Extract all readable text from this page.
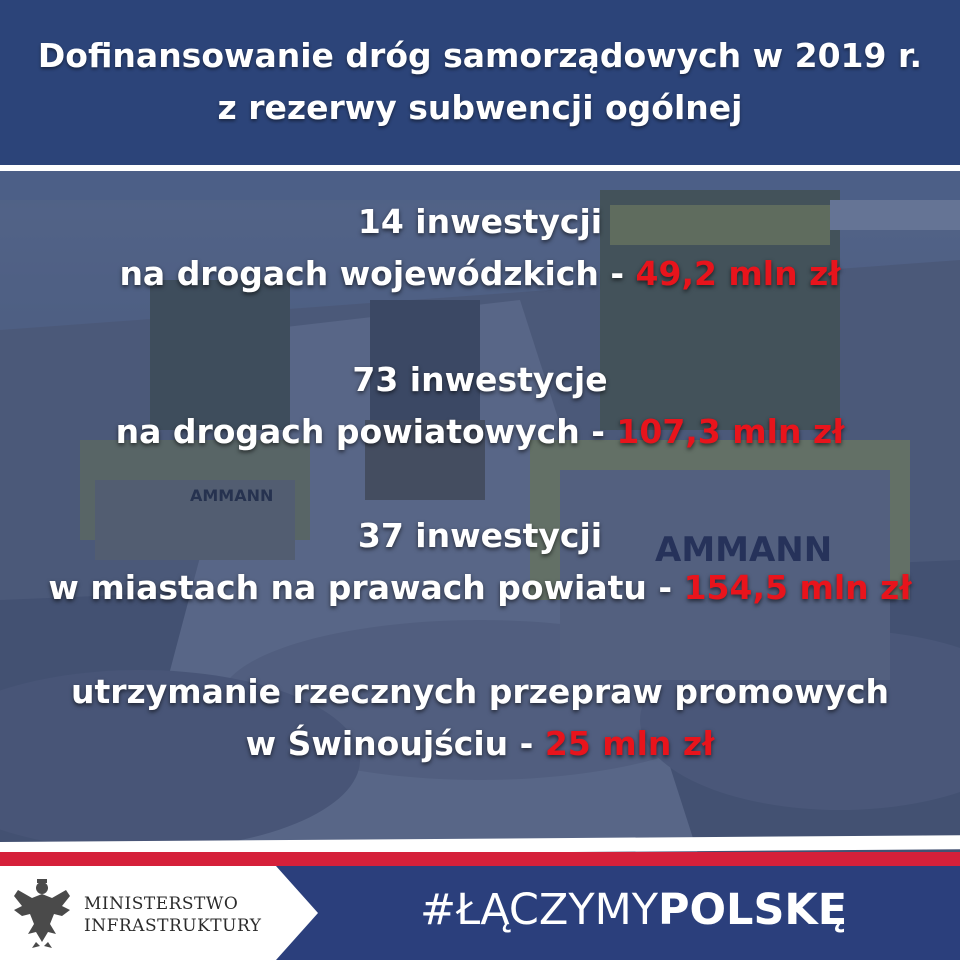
Dofinansowanie dróg samorządowych w 2019 r.
z rezerwy subwencji ogólnej
14 inwestycji
na drogach wojewódzkich - 49,2 mln zł
73 inwestycje
na drogach powiatowych - 107,3 mln zł
37 inwestycji
w miastach na prawach powiatu - 154,5 mln zł
utrzymanie rzecznych przepraw promowych
w Świnoujściu - 25 mln zł
MINISTERSTWO
INFRASTRUKTURY	#ŁĄCZYMYPOLSKĘ
